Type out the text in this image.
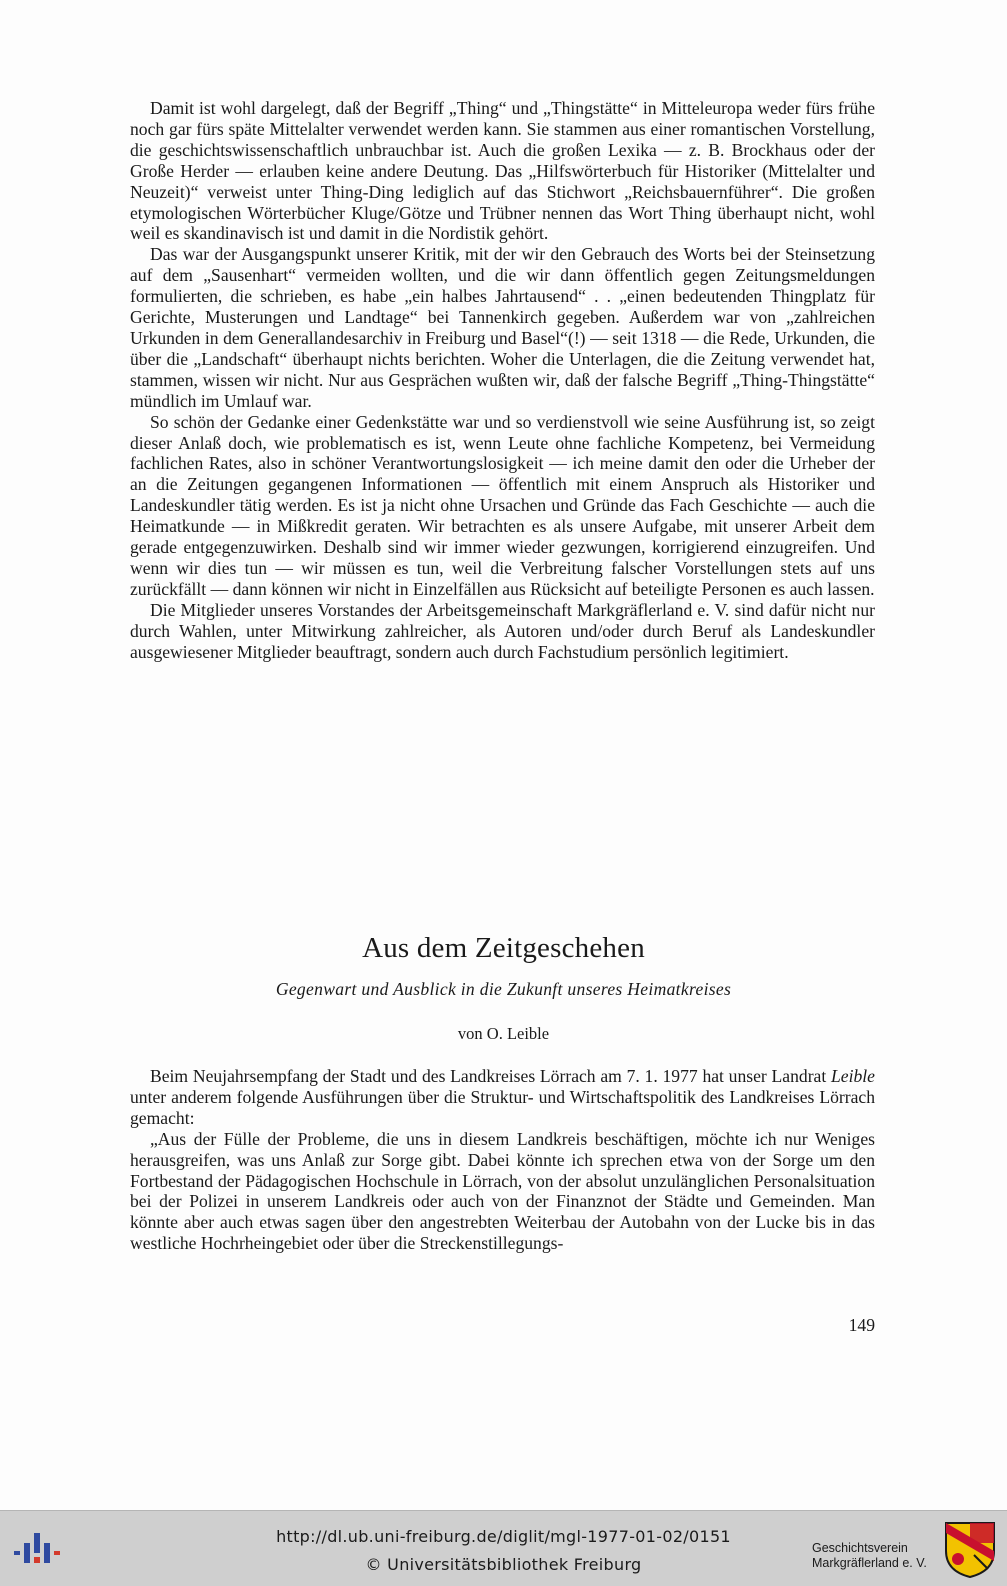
Damit ist wohl dargelegt, daß der Begriff „Thing“ und „Thingstätte“ in Mitteleuropa weder fürs frühe noch gar fürs späte Mittelalter verwendet werden kann. Sie stammen aus einer romantischen Vorstellung, die geschichtswissenschaftlich unbrauchbar ist. Auch die großen Lexika — z. B. Brockhaus oder der Große Herder — erlauben keine andere Deutung. Das „Hilfswörterbuch für Historiker (Mittelalter und Neuzeit)“ verweist unter Thing-Ding lediglich auf das Stichwort „Reichsbauernführer“. Die großen etymologischen Wörterbücher Kluge/Götze und Trübner nennen das Wort Thing überhaupt nicht, wohl weil es skandinavisch ist und damit in die Nordistik gehört.

Das war der Ausgangspunkt unserer Kritik, mit der wir den Gebrauch des Worts bei der Steinsetzung auf dem „Sausenhart“ vermeiden wollten, und die wir dann öffentlich gegen Zeitungsmeldungen formulierten, die schrieben, es habe „ein halbes Jahrtausend“ . . „einen bedeutenden Thingplatz für Gerichte, Musterungen und Landtage“ bei Tannenkirch gegeben. Außerdem war von „zahlreichen Urkunden in dem Generallandesarchiv in Freiburg und Basel“(!) — seit 1318 — die Rede, Urkunden, die über die „Landschaft“ überhaupt nichts berichten. Woher die Unterlagen, die die Zeitung verwendet hat, stammen, wissen wir nicht. Nur aus Gesprächen wußten wir, daß der falsche Begriff „Thing-Thingstätte“ mündlich im Umlauf war.

So schön der Gedanke einer Gedenkstätte war und so verdienstvoll wie seine Ausführung ist, so zeigt dieser Anlaß doch, wie problematisch es ist, wenn Leute ohne fachliche Kompetenz, bei Vermeidung fachlichen Rates, also in schöner Verantwortungslosigkeit — ich meine damit den oder die Urheber der an die Zeitungen gegangenen Informationen — öffentlich mit einem Anspruch als Historiker und Landeskundler tätig werden. Es ist ja nicht ohne Ursachen und Gründe das Fach Geschichte — auch die Heimatkunde — in Mißkredit geraten. Wir betrachten es als unsere Aufgabe, mit unserer Arbeit dem gerade entgegenzuwirken. Deshalb sind wir immer wieder gezwungen, korrigierend einzugreifen. Und wenn wir dies tun — wir müssen es tun, weil die Verbreitung falscher Vorstellungen stets auf uns zurückfällt — dann können wir nicht in Einzelfällen aus Rücksicht auf beteiligte Personen es auch lassen.

Die Mitglieder unseres Vorstandes der Arbeitsgemeinschaft Markgräflerland e. V. sind dafür nicht nur durch Wahlen, unter Mitwirkung zahlreicher, als Autoren und/oder durch Beruf als Landeskundler ausgewiesener Mitglieder beauftragt, sondern auch durch Fachstudium persönlich legitimiert.

Aus dem Zeitgeschehen
Gegenwart und Ausblick in die Zukunft unseres Heimatkreises
von O. Leible

Beim Neujahrsempfang der Stadt und des Landkreises Lörrach am 7. 1. 1977 hat unser Landrat Leible unter anderem folgende Ausführungen über die Struktur- und Wirtschaftspolitik des Landkreises Lörrach gemacht:

„Aus der Fülle der Probleme, die uns in diesem Landkreis beschäftigen, möchte ich nur Weniges herausgreifen, was uns Anlaß zur Sorge gibt. Dabei könnte ich sprechen etwa von der Sorge um den Fortbestand der Pädagogischen Hochschule in Lörrach, von der absolut unzulänglichen Personalsituation bei der Polizei in unserem Landkreis oder auch von der Finanznot der Städte und Gemeinden. Man könnte aber auch etwas sagen über den angestrebten Weiterbau der Autobahn von der Lucke bis in das westliche Hochrheingebiet oder über die Streckenstillegungs-

149
http://dl.ub.uni-freiburg.de/diglit/mgl-1977-01-02/0151
© Universitätsbibliothek Freiburg
Geschichtsverein
Markgräflerland e. V.
